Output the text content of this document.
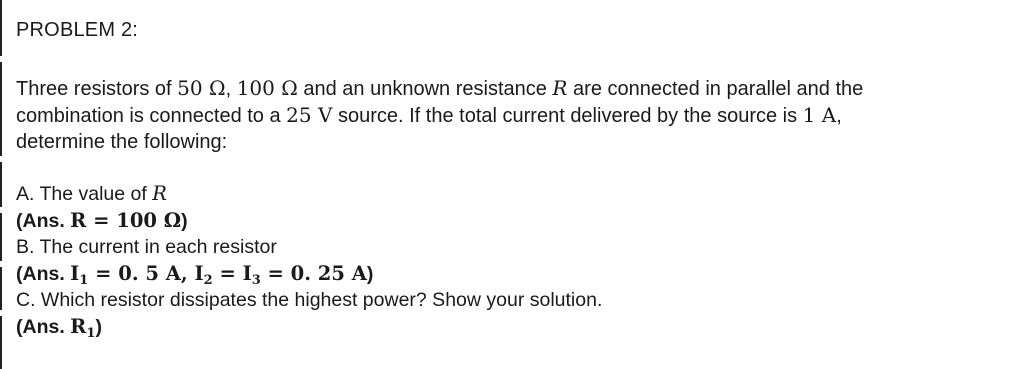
PROBLEM 2:
Three resistors of 50 Ω, 100 Ω and an unknown resistance R are connected in parallel and the
combination is connected to a 25 V source. If the total current delivered by the source is 1 A,
determine the following:
A. The value of R
(Ans. R = 100 Ω)
B. The current in each resistor
(Ans. $I_1 = 0$. 5 A, $I_2 = I_3 = 0$. 25 A)
C. Which resistor dissipates the highest power? Show your solution.
(Ans. $R_1$)
